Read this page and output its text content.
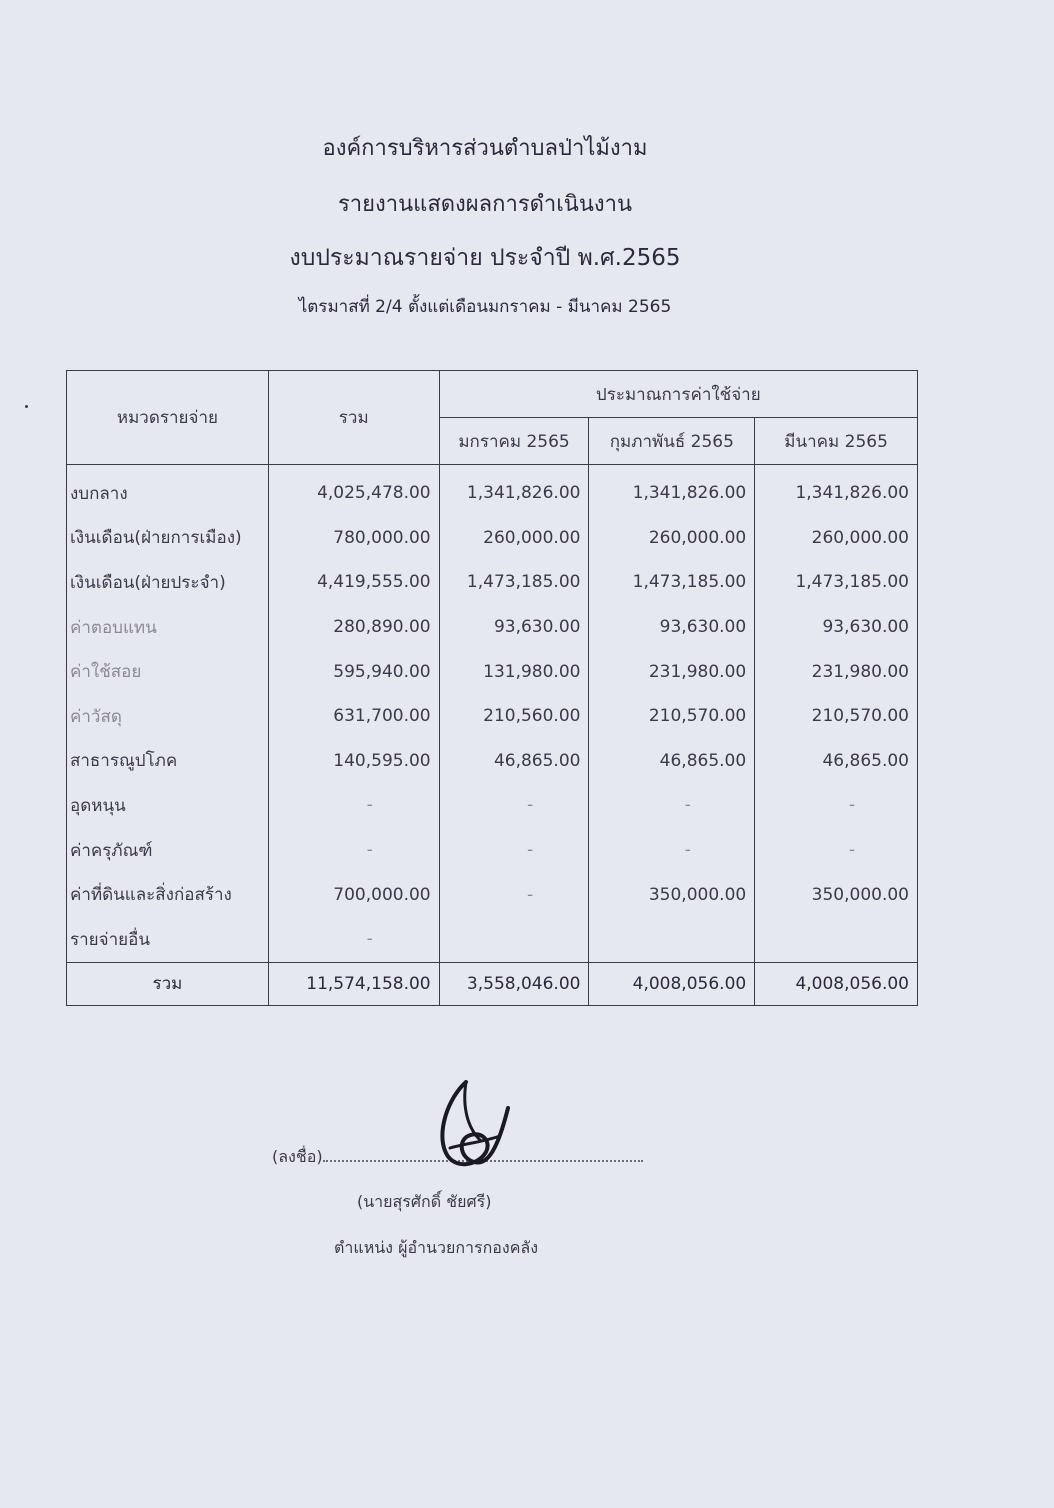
องค์การบริหารส่วนตำบลป่าไม้งาม
รายงานแสดงผลการดำเนินงาน
งบประมาณรายจ่าย ประจำปี พ.ศ.2565
ไตรมาสที่ 2/4 ตั้งแต่เดือนมกราคม - มีนาคม 2565
หมวดรายจ่าย	รวม	ประมาณการค่าใช้จ่าย		
		มกราคม 2565	กุมภาพันธ์ 2565	มีนาคม 2565
งบกลาง	4,025,478.00	1,341,826.00	1,341,826.00	1,341,826.00
เงินเดือน(ฝ่ายการเมือง)	780,000.00	260,000.00	260,000.00	260,000.00
เงินเดือน(ฝ่ายประจำ)	4,419,555.00	1,473,185.00	1,473,185.00	1,473,185.00
ค่าตอบแทน	280,890.00	93,630.00	93,630.00	93,630.00
ค่าใช้สอย	595,940.00	131,980.00	231,980.00	231,980.00
ค่าวัสดุ	631,700.00	210,560.00	210,570.00	210,570.00
สาธารณูปโภค	140,595.00	46,865.00	46,865.00	46,865.00
อุดหนุน	-	-	-	-
ค่าครุภัณฑ์	-	-	-	-
ค่าที่ดินและสิ่งก่อสร้าง	700,000.00	-	350,000.00	350,000.00
รายจ่ายอื่น	-			
รวม	11,574,158.00	3,558,046.00	4,008,056.00	4,008,056.00
(ลงชื่อ)
(นายสุรศักดิ์ ชัยศรี)
ตำแหน่ง ผู้อำนวยการกองคลัง
